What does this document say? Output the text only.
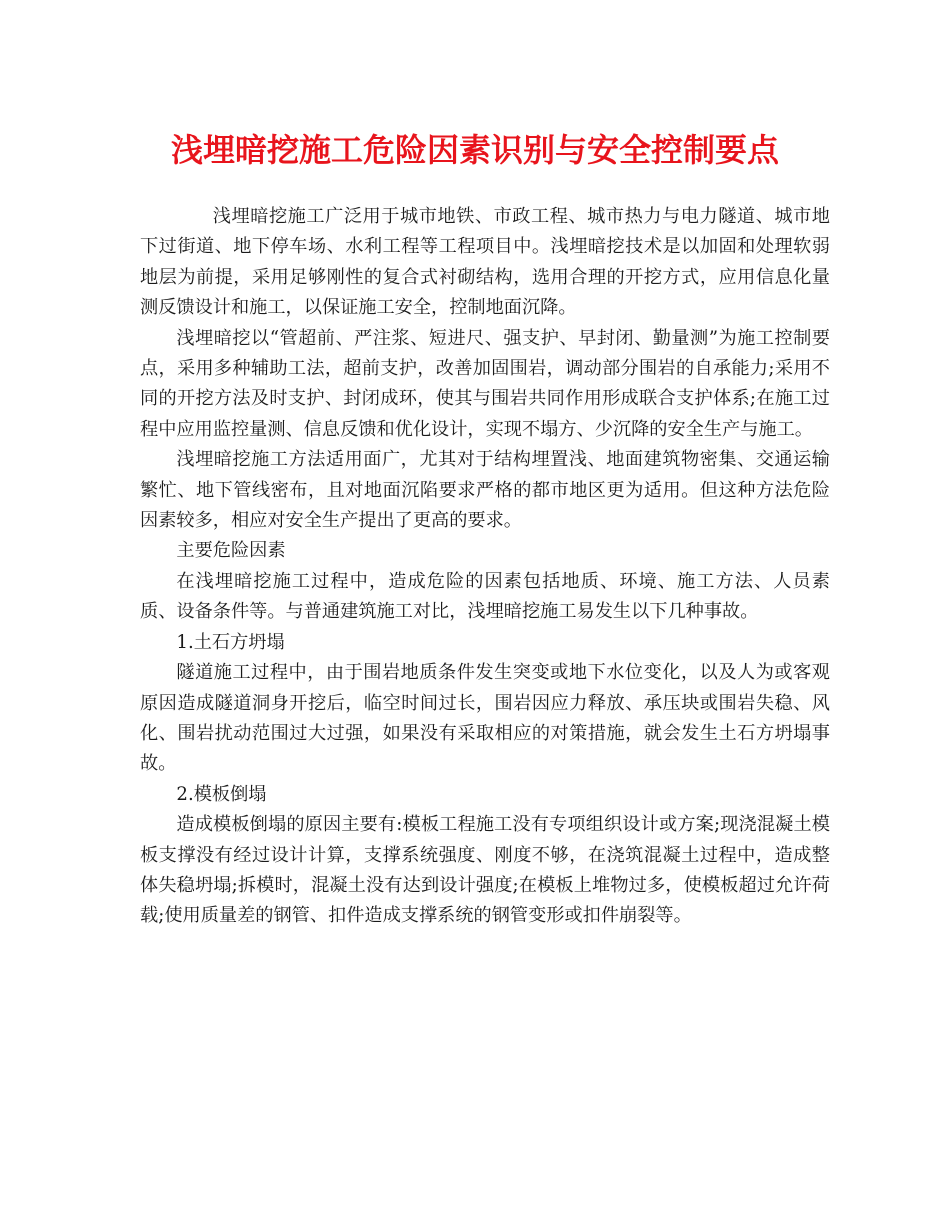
浅埋暗挖施工危险因素识别与安全控制要点

浅埋暗挖施工广泛用于城市地铁、市政工程、城市热力与电力隧道、城市地下过街道、地下停车场、水利工程等工程项目中。浅埋暗挖技术是以加固和处理软弱地层为前提，采用足够刚性的复合式衬砌结构，选用合理的开挖方式，应用信息化量测反馈设计和施工，以保证施工安全，控制地面沉降。

浅埋暗挖以“管超前、严注浆、短进尺、强支护、早封闭、勤量测”为施工控制要点，采用多种辅助工法，超前支护，改善加固围岩，调动部分围岩的自承能力;采用不同的开挖方法及时支护、封闭成环，使其与围岩共同作用形成联合支护体系;在施工过程中应用监控量测、信息反馈和优化设计，实现不塌方、少沉降的安全生产与施工。

浅埋暗挖施工方法适用面广，尤其对于结构埋置浅、地面建筑物密集、交通运输繁忙、地下管线密布，且对地面沉陷要求严格的都市地区更为适用。但这种方法危险因素较多，相应对安全生产提出了更高的要求。

主要危险因素

在浅埋暗挖施工过程中，造成危险的因素包括地质、环境、施工方法、人员素质、设备条件等。与普通建筑施工对比，浅埋暗挖施工易发生以下几种事故。

1.土石方坍塌

隧道施工过程中，由于围岩地质条件发生突变或地下水位变化，以及人为或客观原因造成隧道洞身开挖后，临空时间过长，围岩因应力释放、承压块或围岩失稳、风化、围岩扰动范围过大过强，如果没有采取相应的对策措施，就会发生土石方坍塌事故。

2.模板倒塌

造成模板倒塌的原因主要有:模板工程施工没有专项组织设计或方案;现浇混凝土模板支撑没有经过设计计算，支撑系统强度、刚度不够，在浇筑混凝土过程中，造成整体失稳坍塌;拆模时，混凝土没有达到设计强度;在模板上堆物过多，使模板超过允许荷载;使用质量差的钢管、扣件造成支撑系统的钢管变形或扣件崩裂等。
